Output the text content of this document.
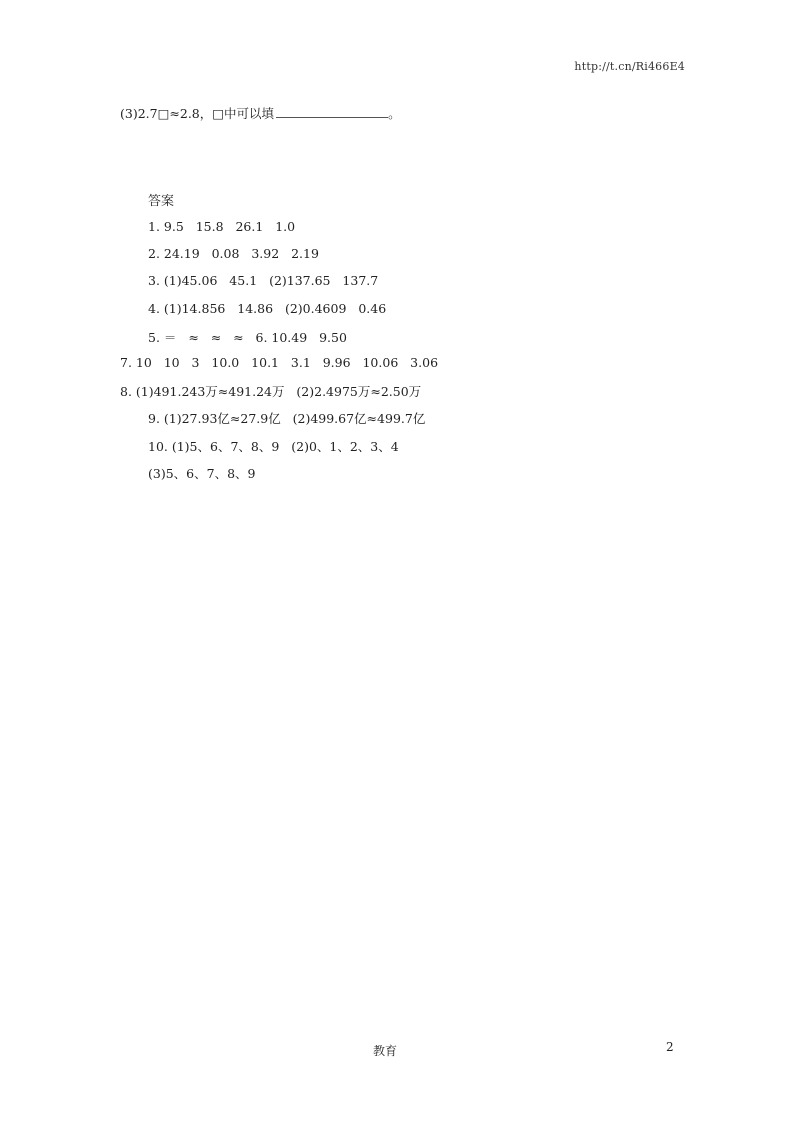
http://t.cn/Ri466E4
(3)2.7□≈2.8，□中可以填	。
答案
1. 9.5   15.8   26.1   1.0
2. 24.19   0.08   3.92   2.19
3. (1)45.06   45.1   (2)137.65   137.7
4. (1)14.856   14.86   (2)0.4609   0.46
5. ＝   ≈   ≈   ≈   6. 10.49   9.50
7. 10   10   3   10.0   10.1   3.1   9.96   10.06   3.06
8. (1)491.243万≈491.24万   (2)2.4975万≈2.50万
9. (1)27.93亿≈27.9亿   (2)499.67亿≈499.7亿
10. (1)5、6、7、8、9   (2)0、1、2、3、4
(3)5、6、7、8、9
教育	2
